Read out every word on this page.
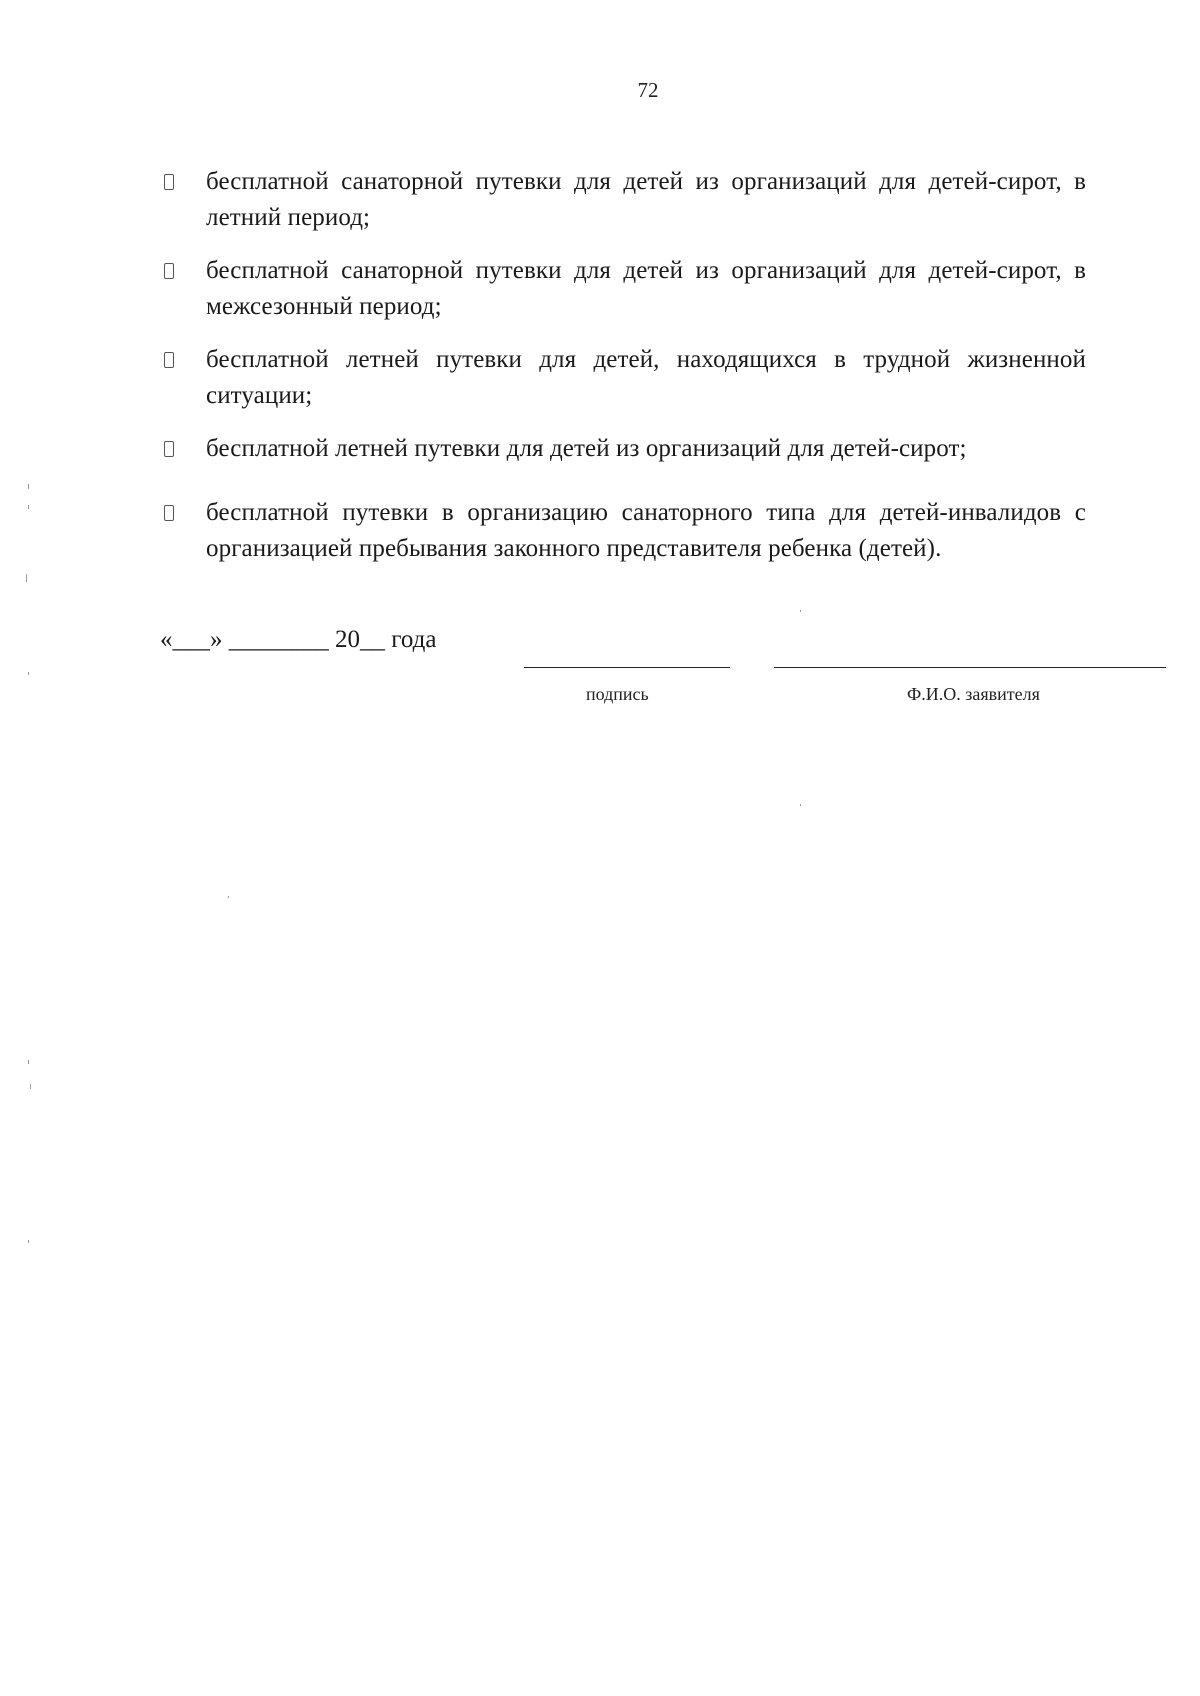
72
бесплатной санаторной путевки для детей из организаций для детей-сирот, в летний период;
бесплатной санаторной путевки для детей из организаций для детей-сирот, в межсезонный период;
бесплатной летней путевки для детей, находящихся в трудной жизненной ситуации;
бесплатной летней путевки для детей из организаций для детей-сирот;
бесплатной путевки в организацию санаторного типа для детей-инвалидов с организацией пребывания законного представителя ребенка (детей).
«___» ________ 20__ года
подпись	Ф.И.О. заявителя
